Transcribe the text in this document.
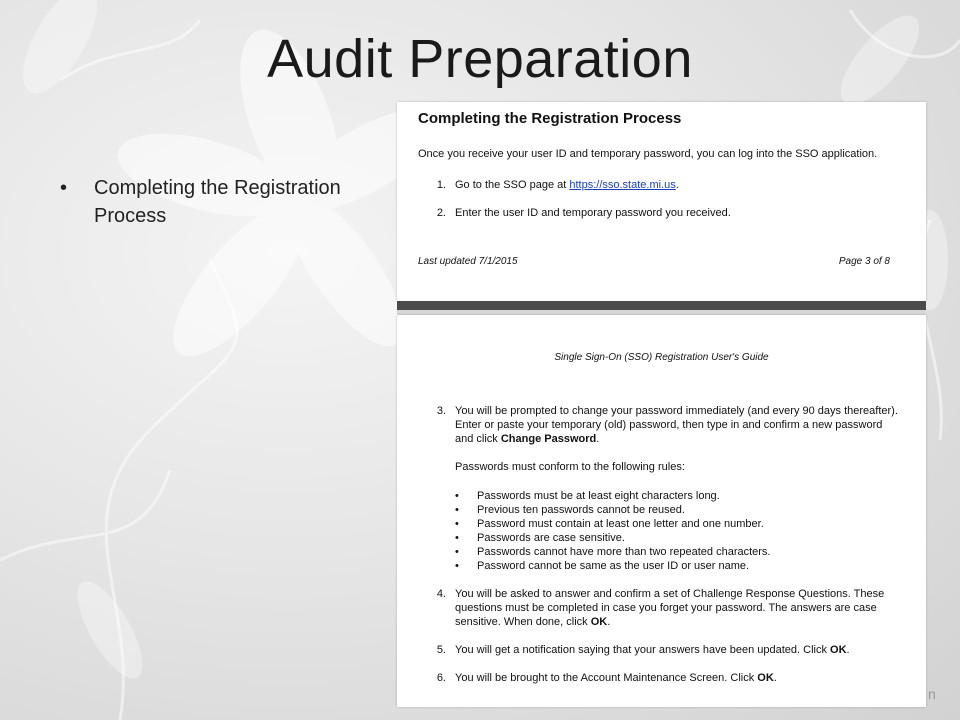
Audit Preparation
• Completing the Registration Process
Completing the Registration Process
Once you receive your user ID and temporary password, you can log into the SSO application.
1. Go to the SSO page at https://sso.state.mi.us.
2. Enter the user ID and temporary password you received.
Last updated 7/1/2015	Page 3 of 8
Single Sign-On (SSO) Registration User's Guide
3. You will be prompted to change your password immediately (and every 90 days thereafter). Enter or paste your temporary (old) password, then type in and confirm a new password and click Change Password.
Passwords must conform to the following rules:
•	Passwords must be at least eight characters long.
•	Previous ten passwords cannot be reused.
•	Password must contain at least one letter and one number.
•	Passwords are case sensitive.
•	Passwords cannot have more than two repeated characters.
•	Password cannot be same as the user ID or user name.
4. You will be asked to answer and confirm a set of Challenge Response Questions. These questions must be completed in case you forget your password. The answers are case sensitive. When done, click OK.
5. You will get a notification saying that your answers have been updated. Click OK.
6. You will be brought to the Account Maintenance Screen. Click OK.
n
